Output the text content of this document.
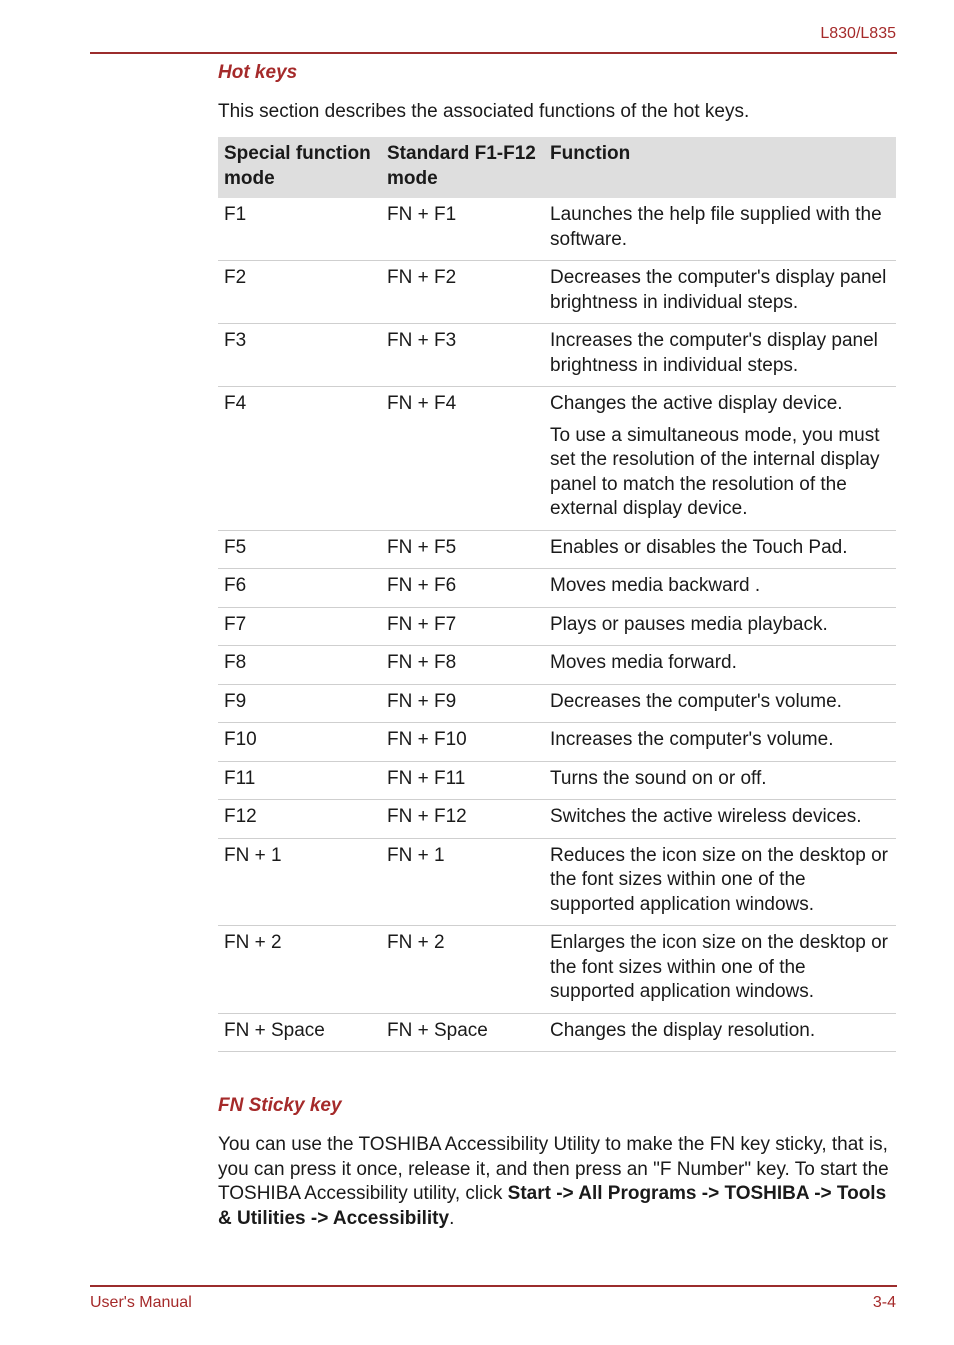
L830/L835
Hot keys
This section describes the associated functions of the hot keys.
Special function mode	Standard F1-F12 mode	Function
F1	FN + F1	Launches the help file supplied with the software.
F2	FN + F2	Decreases the computer's display panel brightness in individual steps.
F3	FN + F3	Increases the computer's display panel brightness in individual steps.
F4	FN + F4	Changes the active display device.
To use a simultaneous mode, you must set the resolution of the internal display panel to match the resolution of the external display device.

F5	FN + F5	Enables or disables the Touch Pad.
F6	FN + F6	Moves media backward .
F7	FN + F7	Plays or pauses media playback.
F8	FN + F8	Moves media forward.
F9	FN + F9	Decreases the computer's volume.
F10	FN + F10	Increases the computer's volume.
F11	FN + F11	Turns the sound on or off.
F12	FN + F12	Switches the active wireless devices.
FN + 1	FN + 1	Reduces the icon size on the desktop or the font sizes within one of the supported application windows.
FN + 2	FN + 2	Enlarges the icon size on the desktop or the font sizes within one of the supported application windows.
FN + Space	FN + Space	Changes the display resolution.
FN Sticky key
You can use the TOSHIBA Accessibility Utility to make the FN key sticky, that is, you can press it once, release it, and then press an "F Number" key. To start the TOSHIBA Accessibility utility, click Start -> All Programs -> TOSHIBA -> Tools & Utilities -> Accessibility.
User's Manual	3-4
